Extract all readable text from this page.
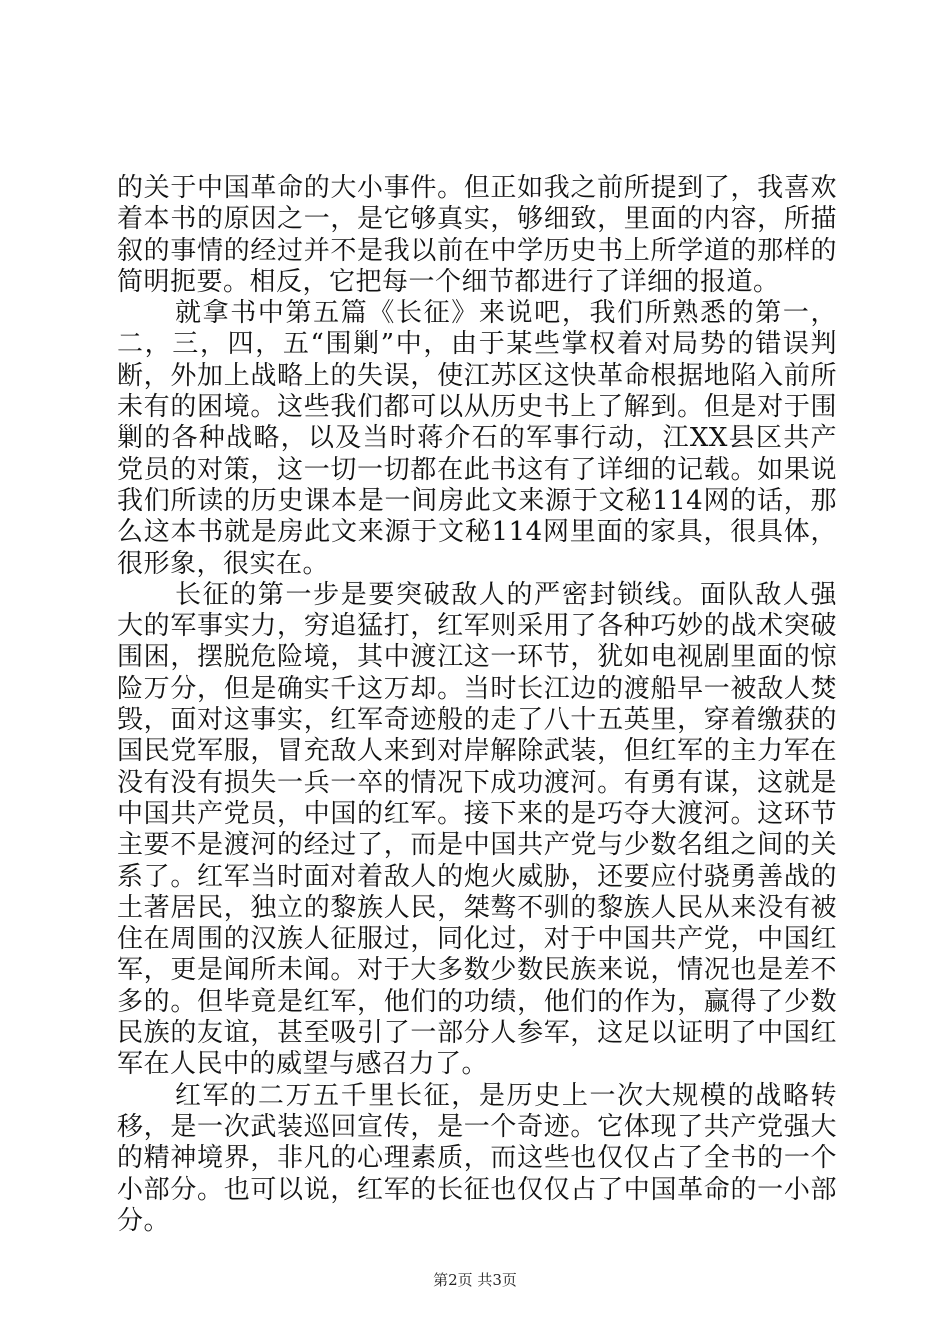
的关于中国革命的大小事件。但正如我之前所提到了，我喜欢着本书的原因之一，是它够真实，够细致，里面的内容，所描叙的事情的经过并不是我以前在中学历史书上所学道的那样的简明扼要。相反，它把每一个细节都进行了详细的报道。

就拿书中第五篇《长征》来说吧，我们所熟悉的第一，二，三，四，五“围剿”中，由于某些掌权着对局势的错误判断，外加上战略上的失误，使江苏区这快革命根据地陷入前所未有的困境。这些我们都可以从历史书上了解到。但是对于围剿的各种战略，以及当时蒋介石的军事行动，江XX县区共产党员的对策，这一切一切都在此书这有了详细的记载。如果说我们所读的历史课本是一间房此文来源于文秘114网的话，那么这本书就是房此文来源于文秘114网里面的家具，很具体，很形象，很实在。

长征的第一步是要突破敌人的严密封锁线。面队敌人强大的军事实力，穷追猛打，红军则采用了各种巧妙的战术突破围困，摆脱危险境，其中渡江这一环节，犹如电视剧里面的惊险万分，但是确实千这万却。当时长江边的渡船早一被敌人焚毁，面对这事实，红军奇迹般的走了八十五英里，穿着缴获的国民党军服，冒充敌人来到对岸解除武装，但红军的主力军在没有没有损失一兵一卒的情况下成功渡河。有勇有谋，这就是中国共产党员，中国的红军。接下来的是巧夺大渡河。这环节主要不是渡河的经过了，而是中国共产党与少数名组之间的关系了。红军当时面对着敌人的炮火威胁，还要应付骁勇善战的土著居民，独立的黎族人民，桀骜不驯的黎族人民从来没有被住在周围的汉族人征服过，同化过，对于中国共产党，中国红军，更是闻所未闻。对于大多数少数民族来说，情况也是差不多的。但毕竟是红军，他们的功绩，他们的作为，赢得了少数民族的友谊，甚至吸引了一部分人参军，这足以证明了中国红军在人民中的威望与感召力了。

红军的二万五千里长征，是历史上一次大规模的战略转移，是一次武装巡回宣传，是一个奇迹。它体现了共产党强大的精神境界，非凡的心理素质，而这些也仅仅占了全书的一个小部分。也可以说，红军的长征也仅仅占了中国革命的一小部分。

第2页 共3页
